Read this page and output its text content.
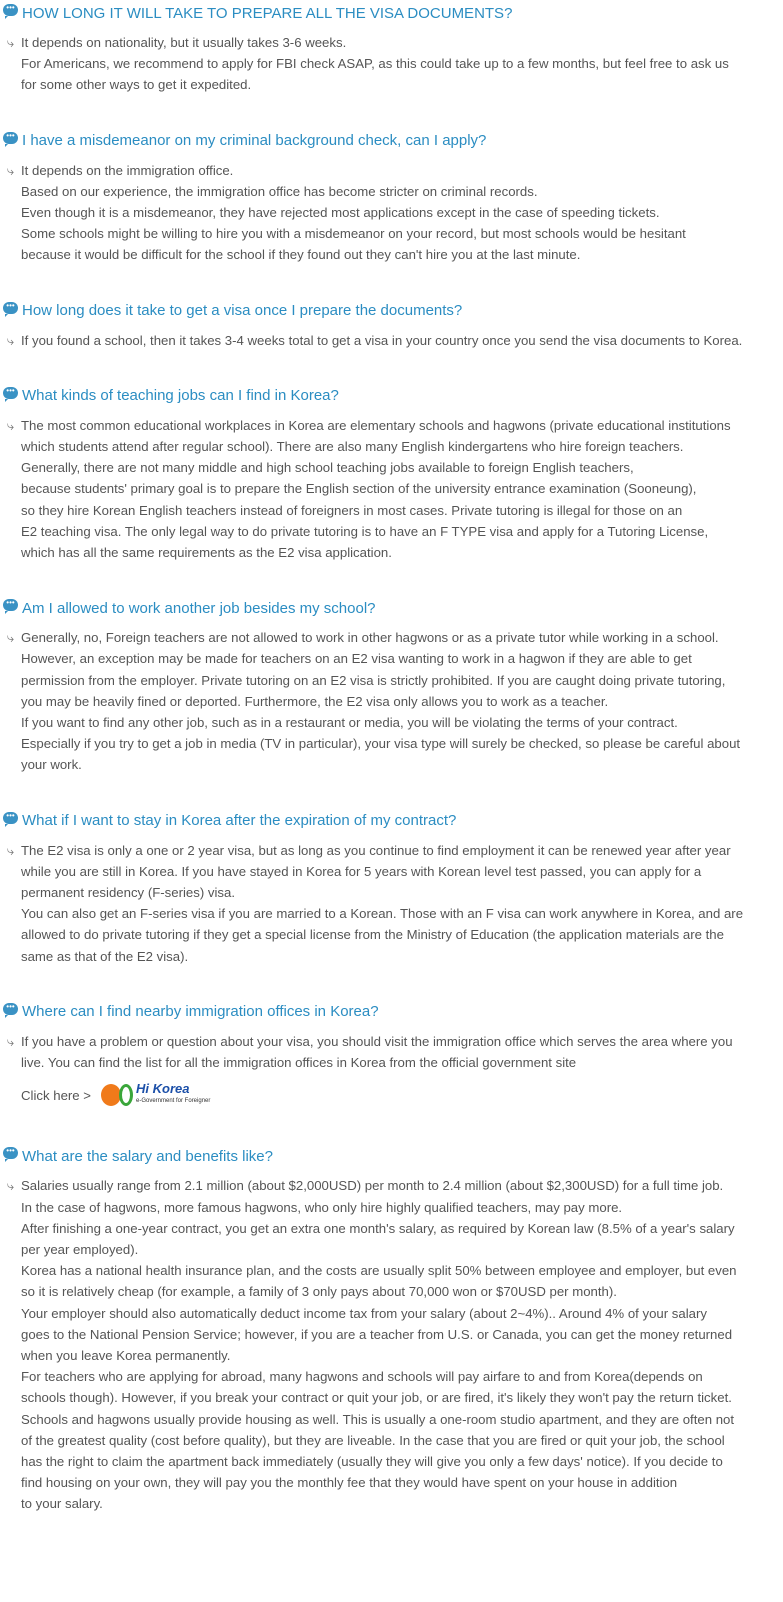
••• HOW LONG IT WILL TAKE TO PREPARE ALL THE VISA DOCUMENTS?
⤷ It depends on nationality, but it usually takes 3-6 weeks.
For Americans, we recommend to apply for FBI check ASAP, as this could take up to a few months, but feel free to ask us
for some other ways to get it expedited.
••• I have a misdemeanor on my criminal background check, can I apply?
⤷ It depends on the immigration office.
Based on our experience, the immigration office has become stricter on criminal records.
Even though it is a misdemeanor, they have rejected most applications except in the case of speeding tickets.
Some schools might be willing to hire you with a misdemeanor on your record, but most schools would be hesitant
because it would be difficult for the school if they found out they can't hire you at the last minute.
••• How long does it take to get a visa once I prepare the documents?
⤷ If you found a school, then it takes 3-4 weeks total to get a visa in your country once you send the visa documents to Korea.
••• What kinds of teaching jobs can I find in Korea?
⤷ The most common educational workplaces in Korea are elementary schools and hagwons (private educational institutions
which students attend after regular school). There are also many English kindergartens who hire foreign teachers.
Generally, there are not many middle and high school teaching jobs available to foreign English teachers,
because students' primary goal is to prepare the English section of the university entrance examination (Sooneung),
so they hire Korean English teachers instead of foreigners in most cases. Private tutoring is illegal for those on an
E2 teaching visa. The only legal way to do private tutoring is to have an F TYPE visa and apply for a Tutoring License,
which has all the same requirements as the E2 visa application.
••• Am I allowed to work another job besides my school?
⤷ Generally, no, Foreign teachers are not allowed to work in other hagwons or as a private tutor while working in a school.
However, an exception may be made for teachers on an E2 visa wanting to work in a hagwon if they are able to get
permission from the employer. Private tutoring on an E2 visa is strictly prohibited. If you are caught doing private tutoring,
you may be heavily fined or deported. Furthermore, the E2 visa only allows you to work as a teacher.
If you want to find any other job, such as in a restaurant or media, you will be violating the terms of your contract.
Especially if you try to get a job in media (TV in particular), your visa type will surely be checked, so please be careful about
your work.
••• What if I want to stay in Korea after the expiration of my contract?
⤷ The E2 visa is only a one or 2 year visa, but as long as you continue to find employment it can be renewed year after year
while you are still in Korea. If you have stayed in Korea for 5 years with Korean level test passed, you can apply for a
permanent residency (F-series) visa.
You can also get an F-series visa if you are married to a Korean. Those with an F visa can work anywhere in Korea, and are
allowed to do private tutoring if they get a special license from the Ministry of Education (the application materials are the
same as that of the E2 visa).
••• Where can I find nearby immigration offices in Korea?
⤷ If you have a problem or question about your visa, you should visit the immigration office which serves the area where you
live. You can find the list for all the immigration offices in Korea from the official government site
Click here >	Hi Korea
e-Government for Foreigner
••• What are the salary and benefits like?
⤷ Salaries usually range from 2.1 million (about $2,000USD) per month to 2.4 million (about $2,300USD) for a full time job.
In the case of hagwons, more famous hagwons, who only hire highly qualified teachers, may pay more.
After finishing a one-year contract, you get an extra one month's salary, as required by Korean law (8.5% of a year's salary
per year employed).
Korea has a national health insurance plan, and the costs are usually split 50% between employee and employer, but even
so it is relatively cheap (for example, a family of 3 only pays about 70,000 won or $70USD per month).
Your employer should also automatically deduct income tax from your salary (about 2~4%).. Around 4% of your salary
goes to the National Pension Service; however, if you are a teacher from U.S. or Canada, you can get the money returned
when you leave Korea permanently.
For teachers who are applying for abroad, many hagwons and schools will pay airfare to and from Korea(depends on
schools though). However, if you break your contract or quit your job, or are fired, it's likely they won't pay the return ticket.
Schools and hagwons usually provide housing as well. This is usually a one-room studio apartment, and they are often not
of the greatest quality (cost before quality), but they are liveable. In the case that you are fired or quit your job, the school
has the right to claim the apartment back immediately (usually they will give you only a few days' notice). If you decide to
find housing on your own, they will pay you the monthly fee that they would have spent on your house in addition
to your salary.
